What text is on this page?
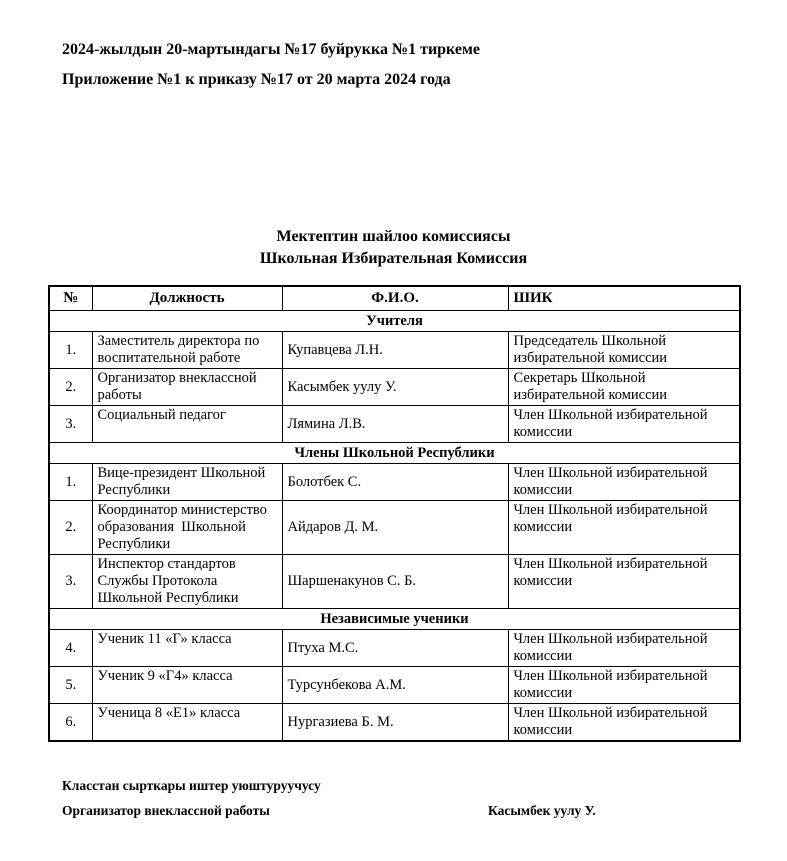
2024-жылдын 20-мартындагы №17 буйрукка №1 тиркеме

Приложение №1 к приказу №17 от 20 марта 2024 года

Мектептин шайлоо комиссиясы

Школьная Избирательная Комиссия

№	Должность	Ф.И.О.	ШИК
Учителя			
1.	Заместитель директора по воспитательной работе	Купавцева Л.Н.	Председатель Школьной избирательной комиссии
2.	Организатор внеклассной работы	Касымбек уулу У.	Секретарь Школьной избирательной комиссии
3.	Социальный педагог	Лямина Л.В.	Член Школьной избирательной комиссии
Члены Школьной Республики			
1.	Вице-президент Школьной Республики	Болотбек С.	Член Школьной избирательной комиссии
2.	Координатор министерство образования  Школьной Республики	Айдаров Д. М.	Член Школьной избирательной комиссии
3.	Инспектор стандартов Службы Протокола Школьной Республики	Шаршенакунов С. Б.	Член Школьной избирательной комиссии
Независимые ученики			
4.	Ученик 11 «Г» класса	Птуха М.С.	Член Школьной избирательной комиссии
5.	Ученик 9 «Г4» класса	Турсунбекова А.М.	Член Школьной избирательной комиссии
6.	Ученица 8 «Е1» класса	Нургазиева Б. М.	Член Школьной избирательной комиссии

Класстан сырткары иштер уюштуруучусу

Организатор внеклассной работы	Касымбек уулу У.
